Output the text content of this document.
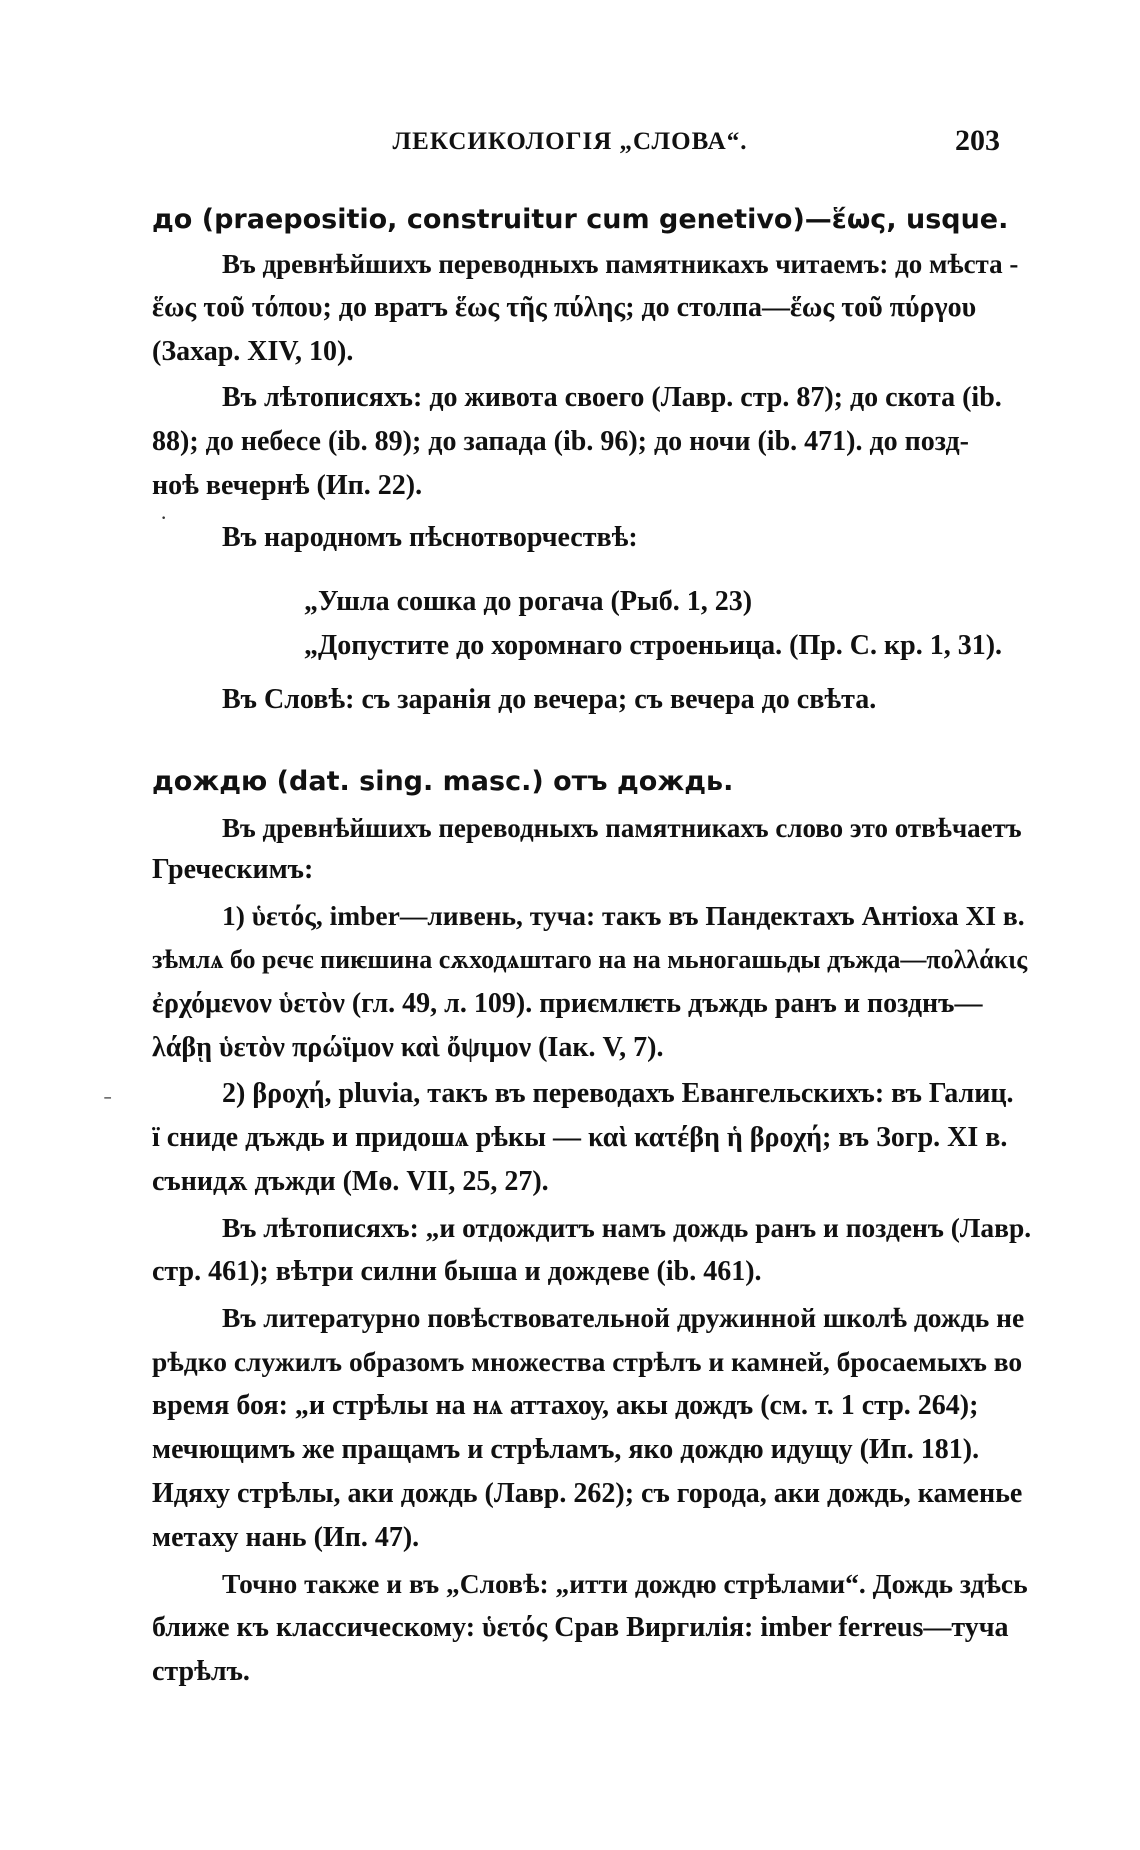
ЛЕКСИКОЛОГІЯ „СЛОВА“.	203
до (praepositio, construitur cum genetivo)—ἕως, usque.
Въ древнѣйшихъ переводныхъ памятникахъ читаемъ: до мѣста -
ἕως τοῦ τόπου; до вратъ ἕως τῆς πύλης; до столпа—ἕως τοῦ πύργου
(Захар. XIV, 10).
Въ лѣтописяхъ: до живота своего (Лавр. стр. 87); до скота (ib.
88); до небесе (ib. 89); до запада (ib. 96); до ночи (ib. 471). до позд-
ноѣ вечернѣ (Ип. 22).
Въ народномъ пѣснотворчествѣ:
„Ушла сошка до рогача (Рыб. 1, 23)
„Допустите до хоромнаго строеньица. (Пр. С. кр. 1, 31).
Въ Словѣ: съ заранія до вечера; съ вечера до свѣта.
дождю (dat. sing. masc.) отъ дождь.
Въ древнѣйшихъ переводныхъ памятникахъ слово это отвѣчаетъ
Греческимъ:
1) ὑετός, imber—ливень, туча: такъ въ Пандектахъ Антіоха XI в.
зѣмлѧ бо рєчє пиѥшина сѫходѧштаго на на мьногашьды дъжда—πολλάκις
ἐρχόμενον ὑετὸν (гл. 49, л. 109). приємлѥть дъждь ранъ и позднъ—
λάβῃ ὑετὸν πρώϊμον καὶ ὄψιμον (Іак. V, 7).
2) βροχή, pluvia, такъ въ переводахъ Евангельскихъ: въ Галиц.
ї сниде дъждь и придошѧ рѣкы — καὶ κατέβη ἡ βροχή; въ Зогр. XI в.
сънидѫ дъжди (Мѳ. VII, 25, 27).
Въ лѣтописяхъ: „и отдождитъ намъ дождь ранъ и позденъ (Лавр.
стр. 461); вѣтри силни быша и дождеве (ib. 461).
Въ литературно повѣствовательной дружинной школѣ дождь не
рѣдко служилъ образомъ множества стрѣлъ и камней, бросаемыхъ во
время боя: „и стрѣлы на нѧ аттахоу, акы дождъ (см. т. 1 стр. 264);
мечющимъ же пращамъ и стрѣламъ, яко дождю идущу (Ип. 181).
Идяху стрѣлы, аки дождь (Лавр. 262); съ города, аки дождь, каменье
метаху нань (Ип. 47).
Точно также и въ „Словѣ: „итти дождю стрѣлами“. Дождь здѣсь
ближе къ классическому: ὑετός Срав Виргилія: imber ferreus—туча
стрѣлъ.
˗
·
